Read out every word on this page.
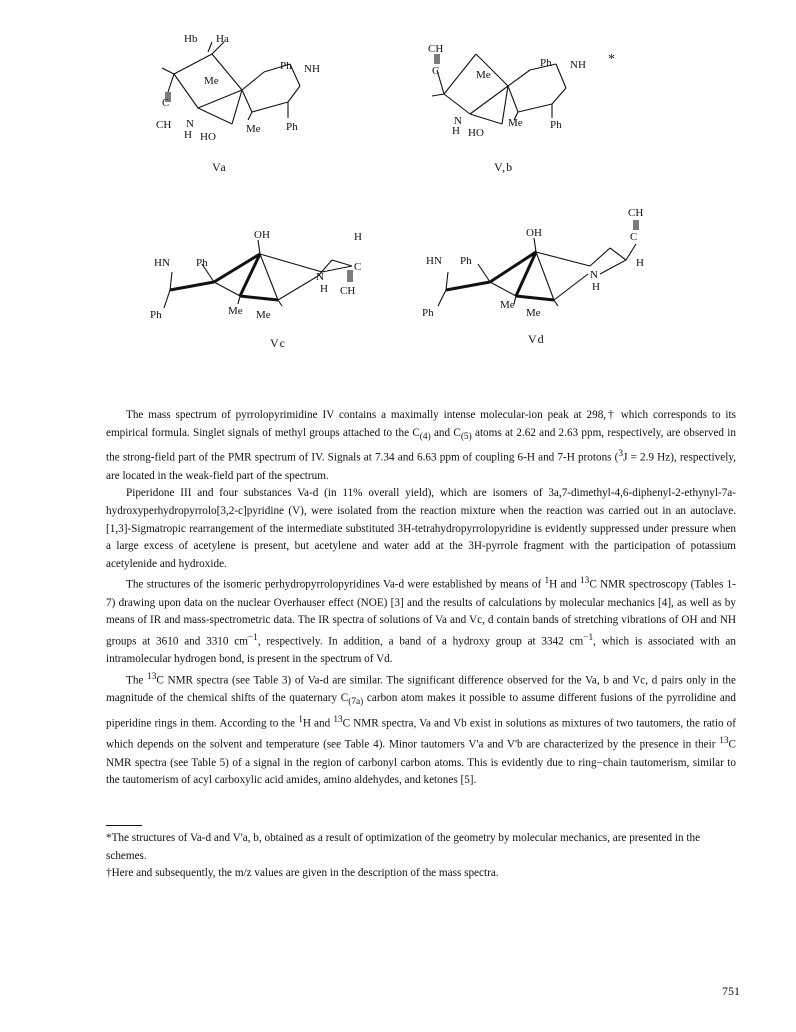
Hb Ha
Ph NH
Me
C
CH N
H HO
Me Ph
Va
CH
C
Ph NH
Me
N
H HO
Me Ph
*
V,b
OH	H
HN Ph
N
C
H CH
Ph	Me Me
Vc
CH
C
OH
HN Ph
N
H
H
Ph
Me
Me
Vd

The mass spectrum of pyrrolopyrimidine IV contains a maximally intense molecular-ion peak at 298,† which corresponds to its empirical formula. Singlet signals of methyl groups attached to the $C_{(4)}$ and $C_{(5)}$ atoms at 2.62 and 2.63 ppm, respectively, are observed in the strong-field part of the PMR spectrum of IV. Signals at 7.34 and 6.63 ppm of coupling 6-H and 7-H protons ($^3$J = 2.9 Hz), respectively, are located in the weak-field part of the spectrum.

Piperidone III and four substances Va-d (in 11% overall yield), which are isomers of 3a,7-dimethyl-4,6-diphenyl-2-ethynyl-7a-hydroxyperhydropyrrolo[3,2-c]pyridine (V), were isolated from the reaction mixture when the reaction was carried out in an autoclave. [1,3]-Sigmatropic rearrangement of the intermediate substituted 3H-tetrahydropyrrolopyridine is evidently suppressed under pressure when a large excess of acetylene is present, but acetylene and water add at the 3H-pyrrole fragment with the participation of potassium acetylenide and hydroxide.

The structures of the isomeric perhydropyrrolopyridines Va-d were established by means of $^1$H and $^{13}$C NMR spectroscopy (Tables 1-7) drawing upon data on the nuclear Overhauser effect (NOE) [3] and the results of calculations by molecular mechanics [4], as well as by means of IR and mass-spectrometric data. The IR spectra of solutions of Va and Vc, d contain bands of stretching vibrations of OH and NH groups at 3610 and 3310 $cm^{-1}$, respectively. In addition, a band of a hydroxy group at 3342 $cm^{-1}$, which is associated with an intramolecular hydrogen bond, is present in the spectrum of Vd.

The $^{13}$C NMR spectra (see Table 3) of Va-d are similar. The significant difference observed for the Va, b and Vc, d pairs only in the magnitude of the chemical shifts of the quaternary $C_{(7a)}$ carbon atom makes it possible to assume different fusions of the pyrrolidine and piperidine rings in them. According to the $^1$H and $^{13}$C NMR spectra, Va and Vb exist in solutions as mixtures of two tautomers, the ratio of which depends on the solvent and temperature (see Table 4). Minor tautomers V'a and V'b are characterized by the presence in their $^{13}$C NMR spectra (see Table 5) of a signal in the region of carbonyl carbon atoms. This is evidently due to ring−chain tautomerism, similar to the tautomerism of acyl carboxylic acid amides, amino aldehydes, and ketones [5].

*The structures of Va-d and V'a, b, obtained as a result of optimization of the geometry by molecular mechanics, are presented in the schemes.

†Here and subsequently, the m/z values are given in the description of the mass spectra.

751
